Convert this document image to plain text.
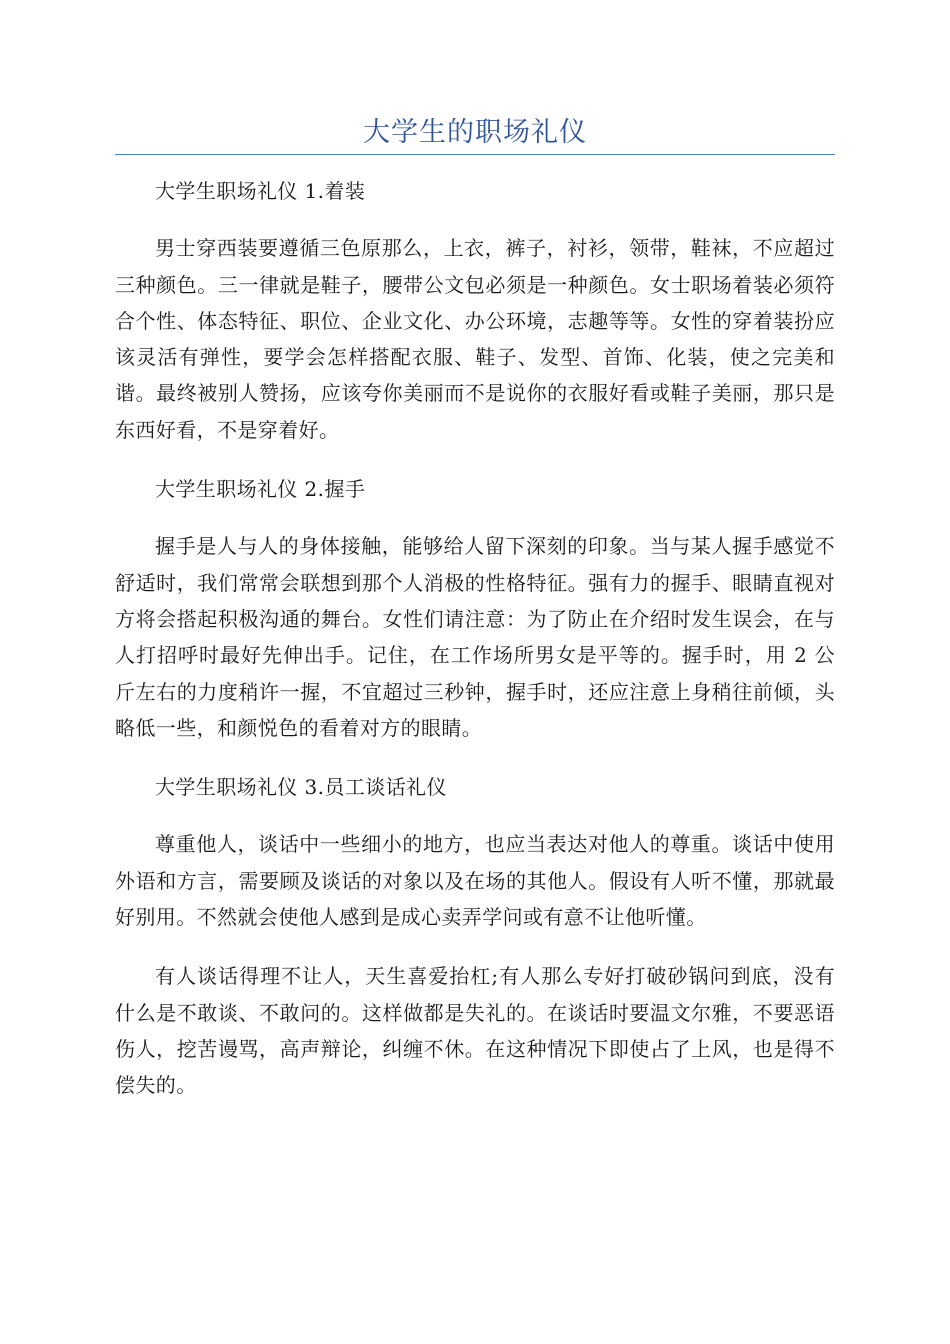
大学生的职场礼仪

大学生职场礼仪 1.着装

男士穿西装要遵循三色原那么，上衣，裤子，衬衫，领带，鞋袜，不应超过三种颜色。三一律就是鞋子，腰带公文包必须是一种颜色。女士职场着装必须符合个性、体态特征、职位、企业文化、办公环境，志趣等等。女性的穿着装扮应该灵活有弹性，要学会怎样搭配衣服、鞋子、发型、首饰、化装，使之完美和谐。最终被别人赞扬，应该夸你美丽而不是说你的衣服好看或鞋子美丽，那只是东西好看，不是穿着好。

大学生职场礼仪 2.握手

握手是人与人的身体接触，能够给人留下深刻的印象。当与某人握手感觉不舒适时，我们常常会联想到那个人消极的性格特征。强有力的握手、眼睛直视对方将会搭起积极沟通的舞台。女性们请注意：为了防止在介绍时发生误会，在与人打招呼时最好先伸出手。记住，在工作场所男女是平等的。握手时，用 2 公斤左右的力度稍许一握，不宜超过三秒钟，握手时，还应注意上身稍往前倾，头略低一些，和颜悦色的看着对方的眼睛。

大学生职场礼仪 3.员工谈话礼仪

尊重他人，谈话中一些细小的地方，也应当表达对他人的尊重。谈话中使用外语和方言，需要顾及谈话的对象以及在场的其他人。假设有人听不懂，那就最好别用。不然就会使他人感到是成心卖弄学问或有意不让他听懂。

有人谈话得理不让人，天生喜爱抬杠;有人那么专好打破砂锅问到底，没有什么是不敢谈、不敢问的。这样做都是失礼的。在谈话时要温文尔雅，不要恶语伤人，挖苦谩骂，高声辩论，纠缠不休。在这种情况下即使占了上风，也是得不偿失的。
